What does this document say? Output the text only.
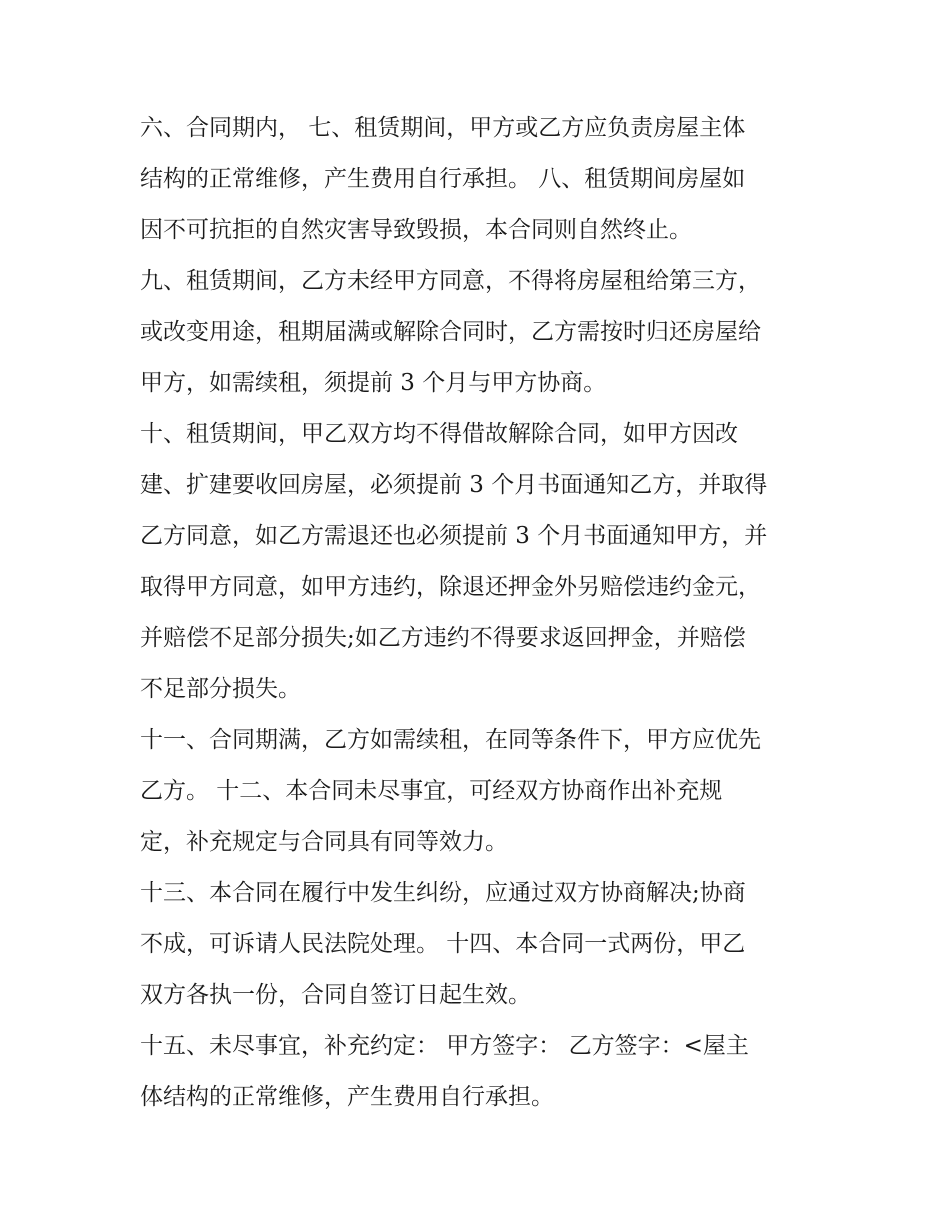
六、合同期内， 七、租赁期间，甲方或乙方应负责房屋主体
结构的正常维修，产生费用自行承担。 八、租赁期间房屋如
因不可抗拒的自然灾害导致毁损，本合同则自然终止。
九、租赁期间，乙方未经甲方同意，不得将房屋租给第三方，
或改变用途，租期届满或解除合同时，乙方需按时归还房屋给
甲方，如需续租，须提前 3 个月与甲方协商。
十、租赁期间，甲乙双方均不得借故解除合同，如甲方因改
建、扩建要收回房屋，必须提前 3 个月书面通知乙方，并取得
乙方同意，如乙方需退还也必须提前 3 个月书面通知甲方，并
取得甲方同意，如甲方违约，除退还押金外另赔偿违约金元，
并赔偿不足部分损失;如乙方违约不得要求返回押金，并赔偿
不足部分损失。
十一、合同期满，乙方如需续租，在同等条件下，甲方应优先
乙方。 十二、本合同未尽事宜，可经双方协商作出补充规
定，补充规定与合同具有同等效力。
十三、本合同在履行中发生纠纷，应通过双方协商解决;协商
不成，可诉请人民法院处理。 十四、本合同一式两份，甲乙
双方各执一份，合同自签订日起生效。
十五、未尽事宜，补充约定： 甲方签字： 乙方签字：<屋主
体结构的正常维修，产生费用自行承担。
